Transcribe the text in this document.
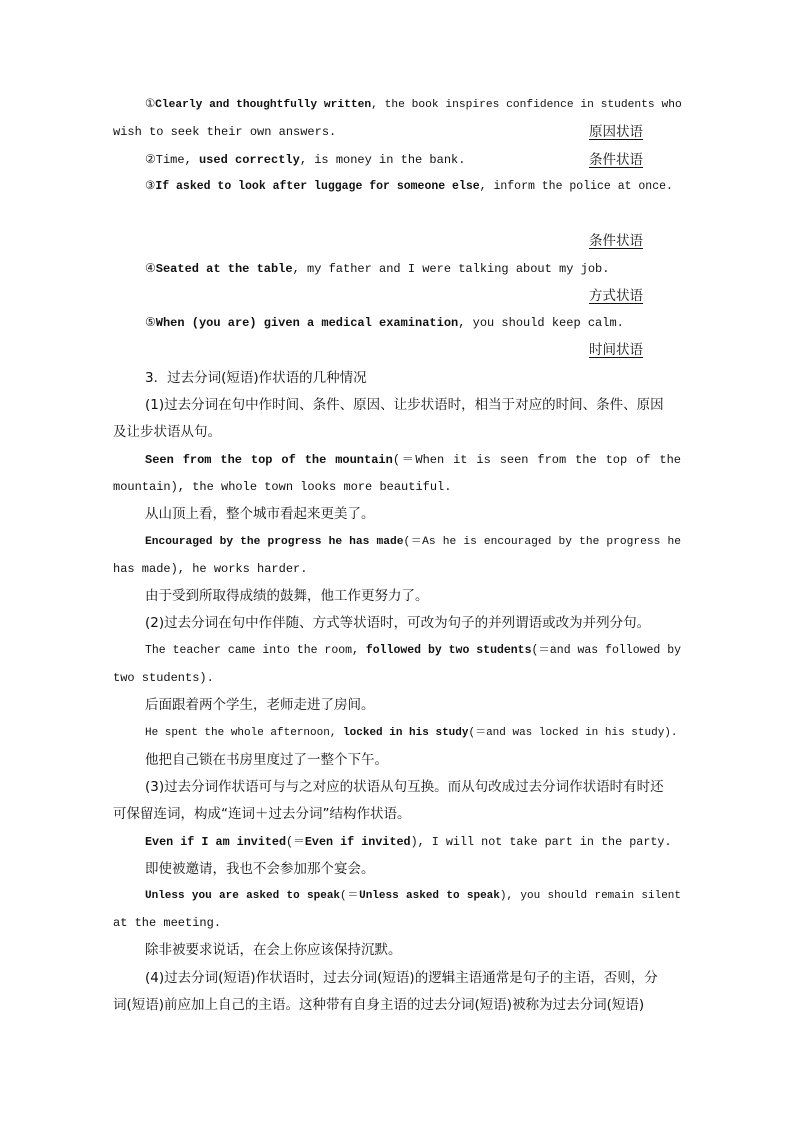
①Clearly and thoughtfully written, the book inspires confidence in students who
wish to seek their own answers.	原因状语
②Time, used correctly, is money in the bank.	条件状语
③If asked to look after luggage for someone else, inform the police at once.
条件状语
④Seated at the table, my father and I were talking about my job.
方式状语
⑤When (you are) given a medical examination, you should keep calm.
时间状语
3．过去分词(短语)作状语的几种情况
(1)过去分词在句中作时间、条件、原因、让步状语时，相当于对应的时间、条件、原因
及让步状语从句。
Seen from the top of the mountain(＝When it is seen from the top of the
mountain), the whole town looks more beautiful.
从山顶上看，整个城市看起来更美了。
Encouraged by the progress he has made(＝As he is encouraged by the progress he
has made), he works harder.
由于受到所取得成绩的鼓舞，他工作更努力了。
(2)过去分词在句中作伴随、方式等状语时，可改为句子的并列谓语或改为并列分句。
The teacher came into the room, followed by two students(＝and was followed by
two students).
后面跟着两个学生，老师走进了房间。
He spent the whole afternoon, locked in his study(＝and was locked in his study).
他把自己锁在书房里度过了一整个下午。
(3)过去分词作状语可与与之对应的状语从句互换。而从句改成过去分词作状语时有时还
可保留连词，构成“连词＋过去分词”结构作状语。
Even if I am invited(＝Even if invited), I will not take part in the party.
即使被邀请，我也不会参加那个宴会。
Unless you are asked to speak(＝Unless asked to speak), you should remain silent
at the meeting.
除非被要求说话，在会上你应该保持沉默。
(4)过去分词(短语)作状语时，过去分词(短语)的逻辑主语通常是句子的主语，否则，分
词(短语)前应加上自己的主语。这种带有自身主语的过去分词(短语)被称为过去分词(短语)
